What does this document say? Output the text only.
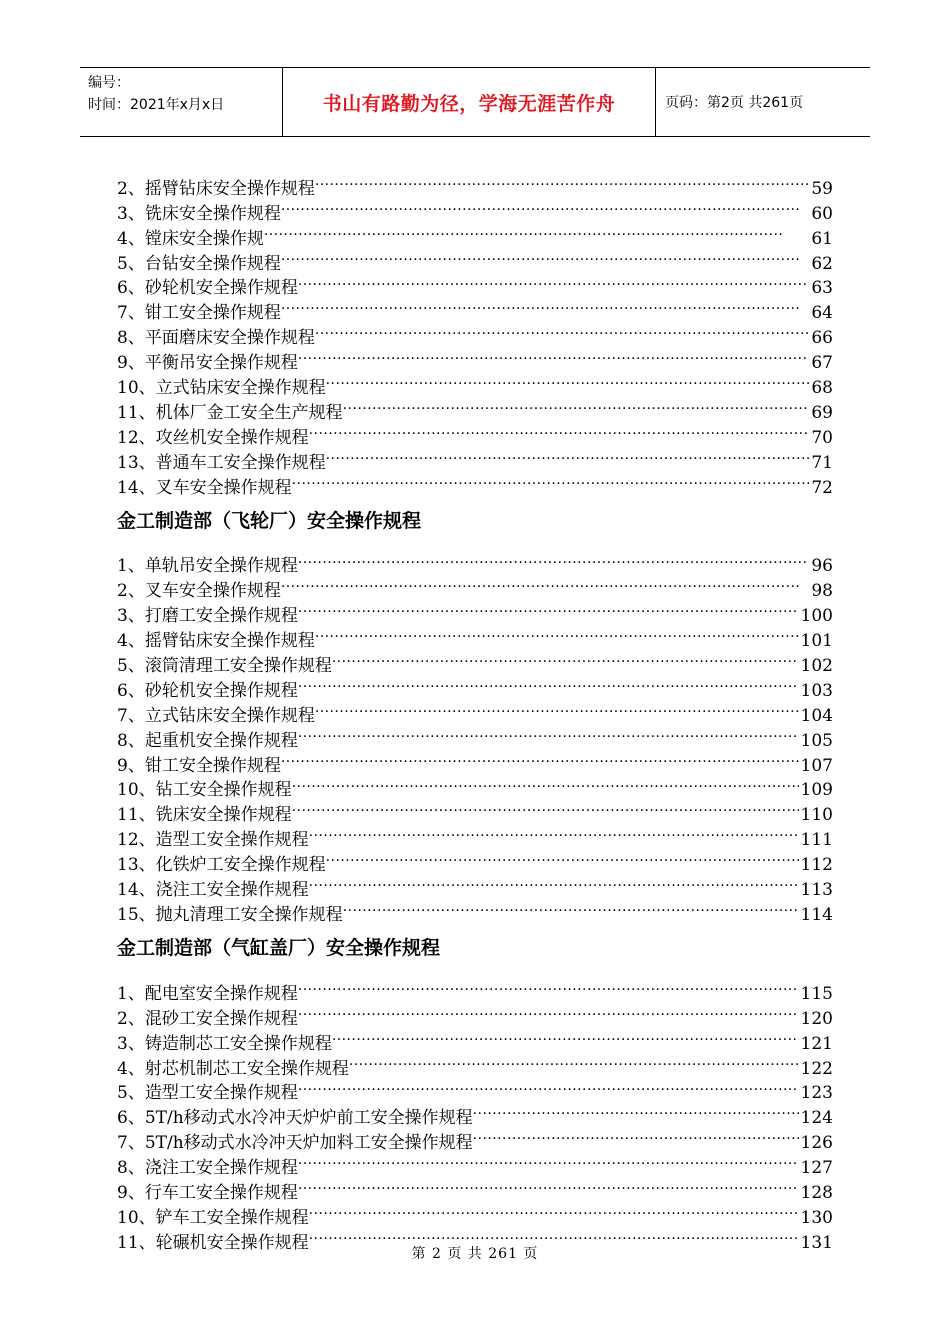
编号：
时间：2021年x月x日	书山有路勤为径，学海无涯苦作舟	页码：第2页 共261页
2、摇臂钻床安全操作规程 . . .	59
3、铣床安全操作规程 . . .	60
4、镗床安全操作规 . . .	61
5、台钻安全操作规程 . . .	62
6、砂轮机安全操作规程 . . .	63
7、钳工安全操作规程 . . .	64
8、平面磨床安全操作规程 . . .	66
9、平衡吊安全操作规程 . . .	67
10、立式钻床安全操作规程 . . .	68
11、机体厂金工安全生产规程 . . .	69
12、攻丝机安全操作规程 . . .	70
13、普通车工安全操作规程 . . .	71
14、叉车安全操作规程 . . .	72
金工制造部（飞轮厂）安全操作规程
1、单轨吊安全操作规程 . . .	96
2、叉车安全操作规程 . . .	98
3、打磨工安全操作规程 . . .	100
4、摇臂钻床安全操作规程 . . .	101
5、滚筒清理工安全操作规程 . . .	102
6、砂轮机安全操作规程 . . .	103
7、立式钻床安全操作规程 . . .	104
8、起重机安全操作规程 . . .	105
9、钳工安全操作规程 . . .	107
10、钻工安全操作规程 . . .	109
11、铣床安全操作规程 . . .	110
12、造型工安全操作规程 . . .	111
13、化铁炉工安全操作规程 . . .	112
14、浇注工安全操作规程 . . .	113
15、抛丸清理工安全操作规程 . . .	114
金工制造部（气缸盖厂）安全操作规程
1、配电室安全操作规程 . . .	115
2、混砂工安全操作规程 . . .	120
3、铸造制芯工安全操作规程 . . .	121
4、射芯机制芯工安全操作规程 . . .	122
5、造型工安全操作规程 . . .	123
6、5T/h移动式水冷冲天炉炉前工安全操作规程 . . .	124
7、5T/h移动式水冷冲天炉加料工安全操作规程 . . .	126
8、浇注工安全操作规程 . . .	127
9、行车工安全操作规程 . . .	128
10、铲车工安全操作规程 . . .	130
11、轮碾机安全操作规程 . . .	131
第 2 页 共 261 页
